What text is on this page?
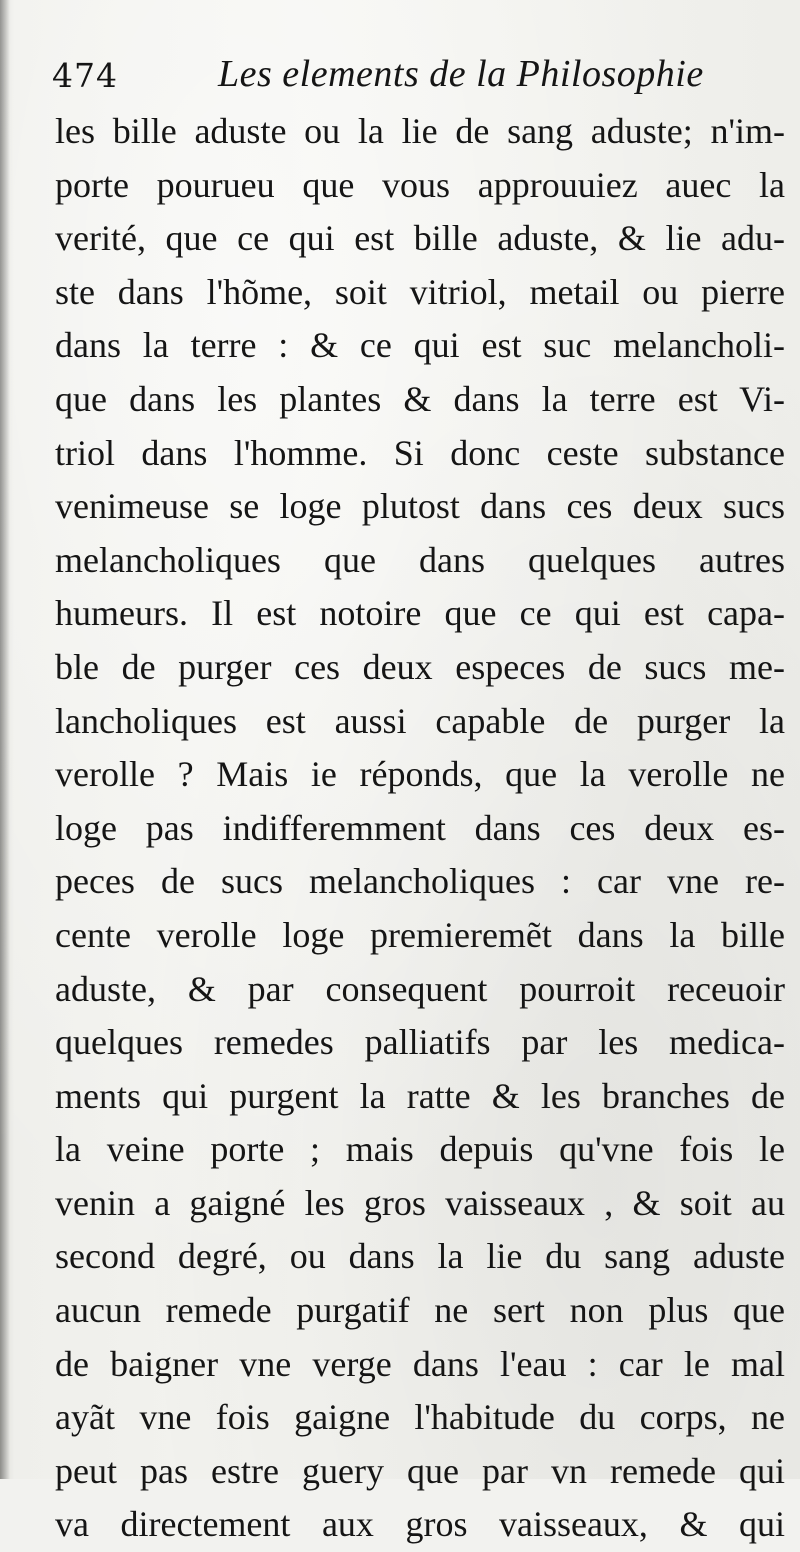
474	Les elements de la Philosophie
les bille aduste ou la lie de sang aduste; n'im-
porte pourueu que vous approuuiez auec la
verité, que ce qui est bille aduste, & lie adu-
ste dans l'hõme, soit vitriol, metail ou pierre
dans la terre : & ce qui est suc melancholi-
que dans les plantes & dans la terre est Vi-
triol dans l'homme. Si donc ceste substance
venimeuse se loge plutost dans ces deux sucs
melancholiques que dans quelques autres
humeurs. Il est notoire que ce qui est capa-
ble de purger ces deux especes de sucs me-
lancholiques est aussi capable de purger la
verolle ? Mais ie réponds, que la verolle ne
loge pas indifferemment dans ces deux es-
peces de sucs melancholiques : car vne re-
cente verolle loge premieremẽt dans la bille
aduste, & par consequent pourroit receuoir
quelques remedes palliatifs par les medica-
ments qui purgent la ratte & les branches de
la veine porte ; mais depuis qu'vne fois le
venin a gaigné les gros vaisseaux , & soit au
second degré, ou dans la lie du sang aduste
aucun remede purgatif ne sert non plus que
de baigner vne verge dans l'eau : car le mal
ayãt vne fois gaigne l'habitude du corps, ne
peut pas estre guery que par vn remede qui
va directement aux gros vaisseaux, & qui
